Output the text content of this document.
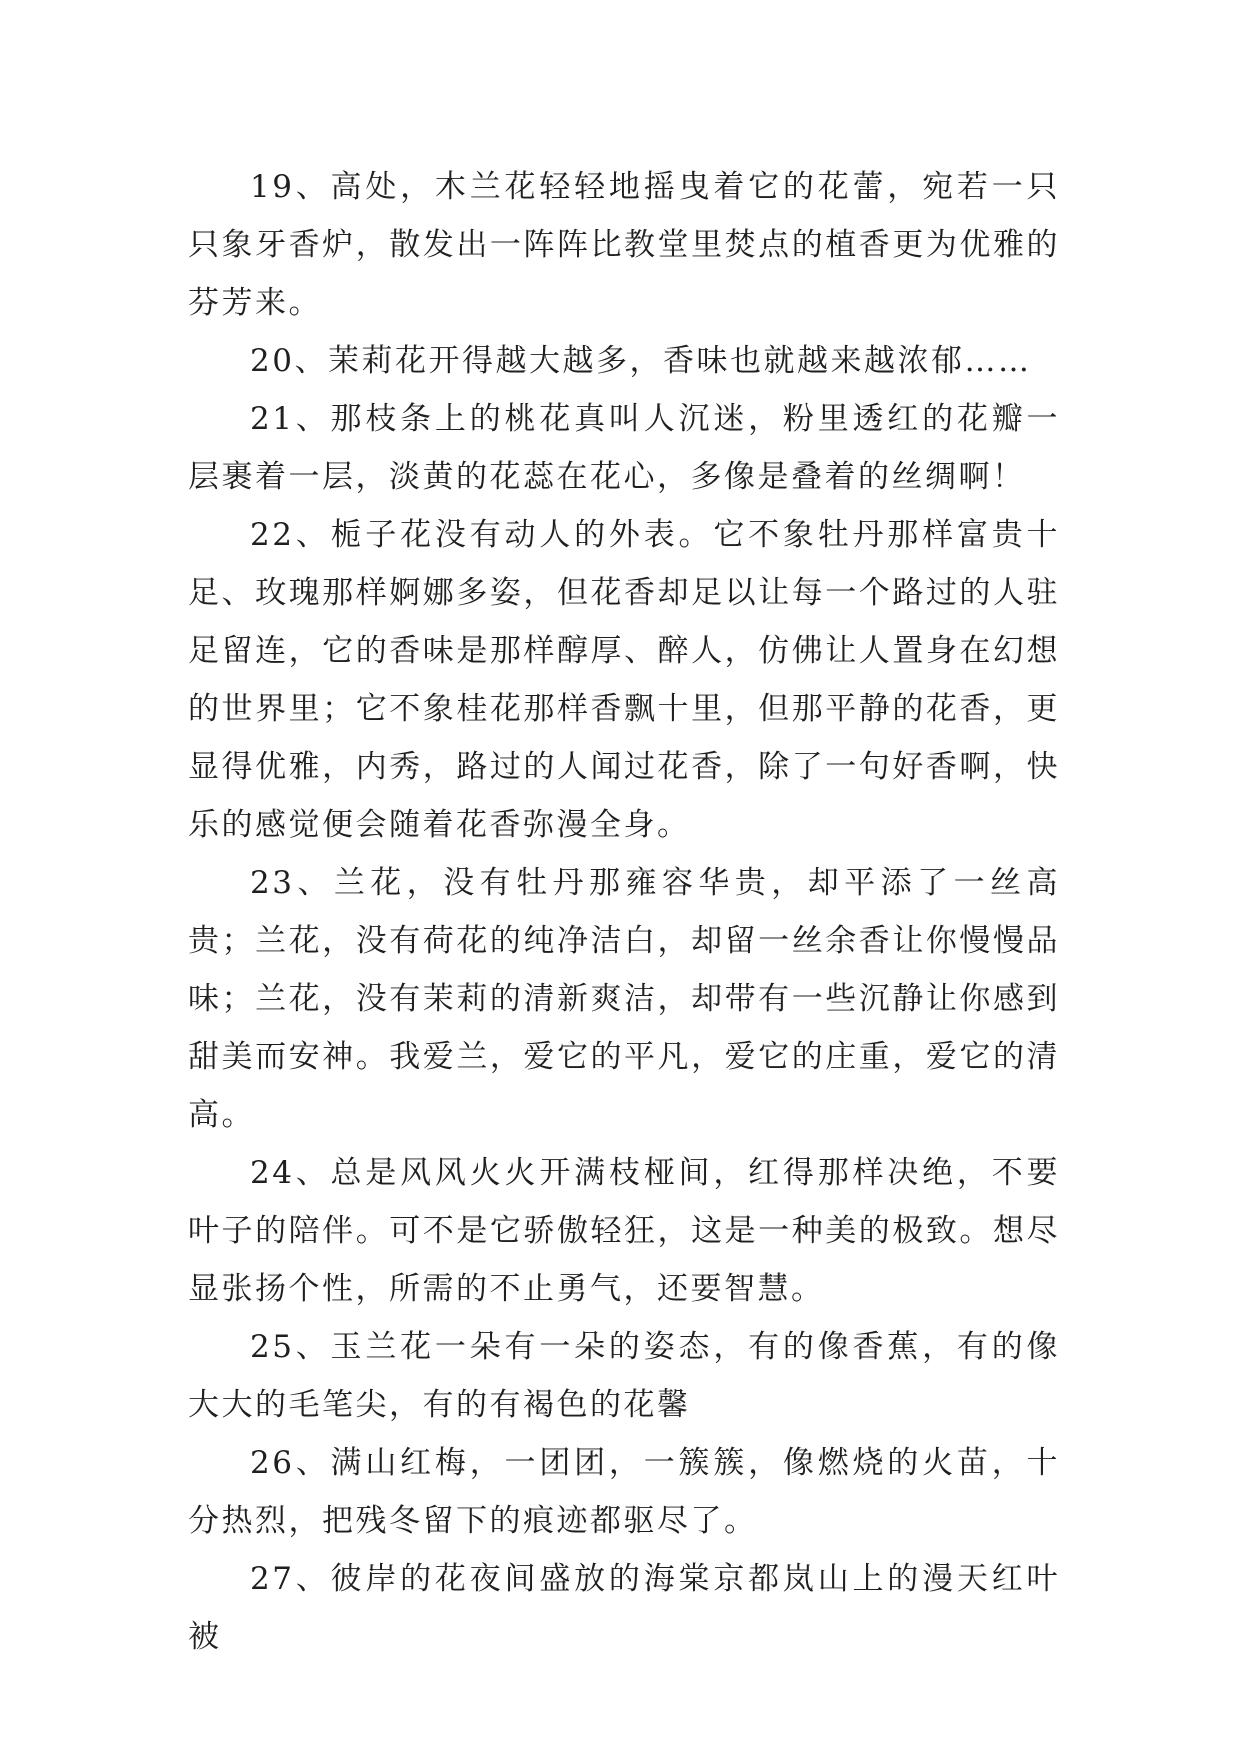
19、高处，木兰花轻轻地摇曳着它的花蕾，宛若一只只象牙香炉，散发出一阵阵比教堂里焚点的植香更为优雅的芬芳来。

20、茉莉花开得越大越多，香味也就越来越浓郁……

21、那枝条上的桃花真叫人沉迷，粉里透红的花瓣一层裹着一层，淡黄的花蕊在花心，多像是叠着的丝绸啊！

22、栀子花没有动人的外表。它不象牡丹那样富贵十足、玫瑰那样婀娜多姿，但花香却足以让每一个路过的人驻足留连，它的香味是那样醇厚、醉人，仿佛让人置身在幻想的世界里；它不象桂花那样香飘十里，但那平静的花香，更显得优雅，内秀，路过的人闻过花香，除了一句好香啊，快乐的感觉便会随着花香弥漫全身。

23、兰花，没有牡丹那雍容华贵，却平添了一丝高贵；兰花，没有荷花的纯净洁白，却留一丝余香让你慢慢品味；兰花，没有茉莉的清新爽洁，却带有一些沉静让你感到甜美而安神。我爱兰，爱它的平凡，爱它的庄重，爱它的清高。

24、总是风风火火开满枝桠间，红得那样决绝，不要叶子的陪伴。可不是它骄傲轻狂，这是一种美的极致。想尽显张扬个性，所需的不止勇气，还要智慧。

25、玉兰花一朵有一朵的姿态，有的像香蕉，有的像大大的毛笔尖，有的有褐色的花馨

26、满山红梅，一团团，一簇簇，像燃烧的火苗，十分热烈，把残冬留下的痕迹都驱尽了。

27、彼岸的花夜间盛放的海棠京都岚山上的漫天红叶被
